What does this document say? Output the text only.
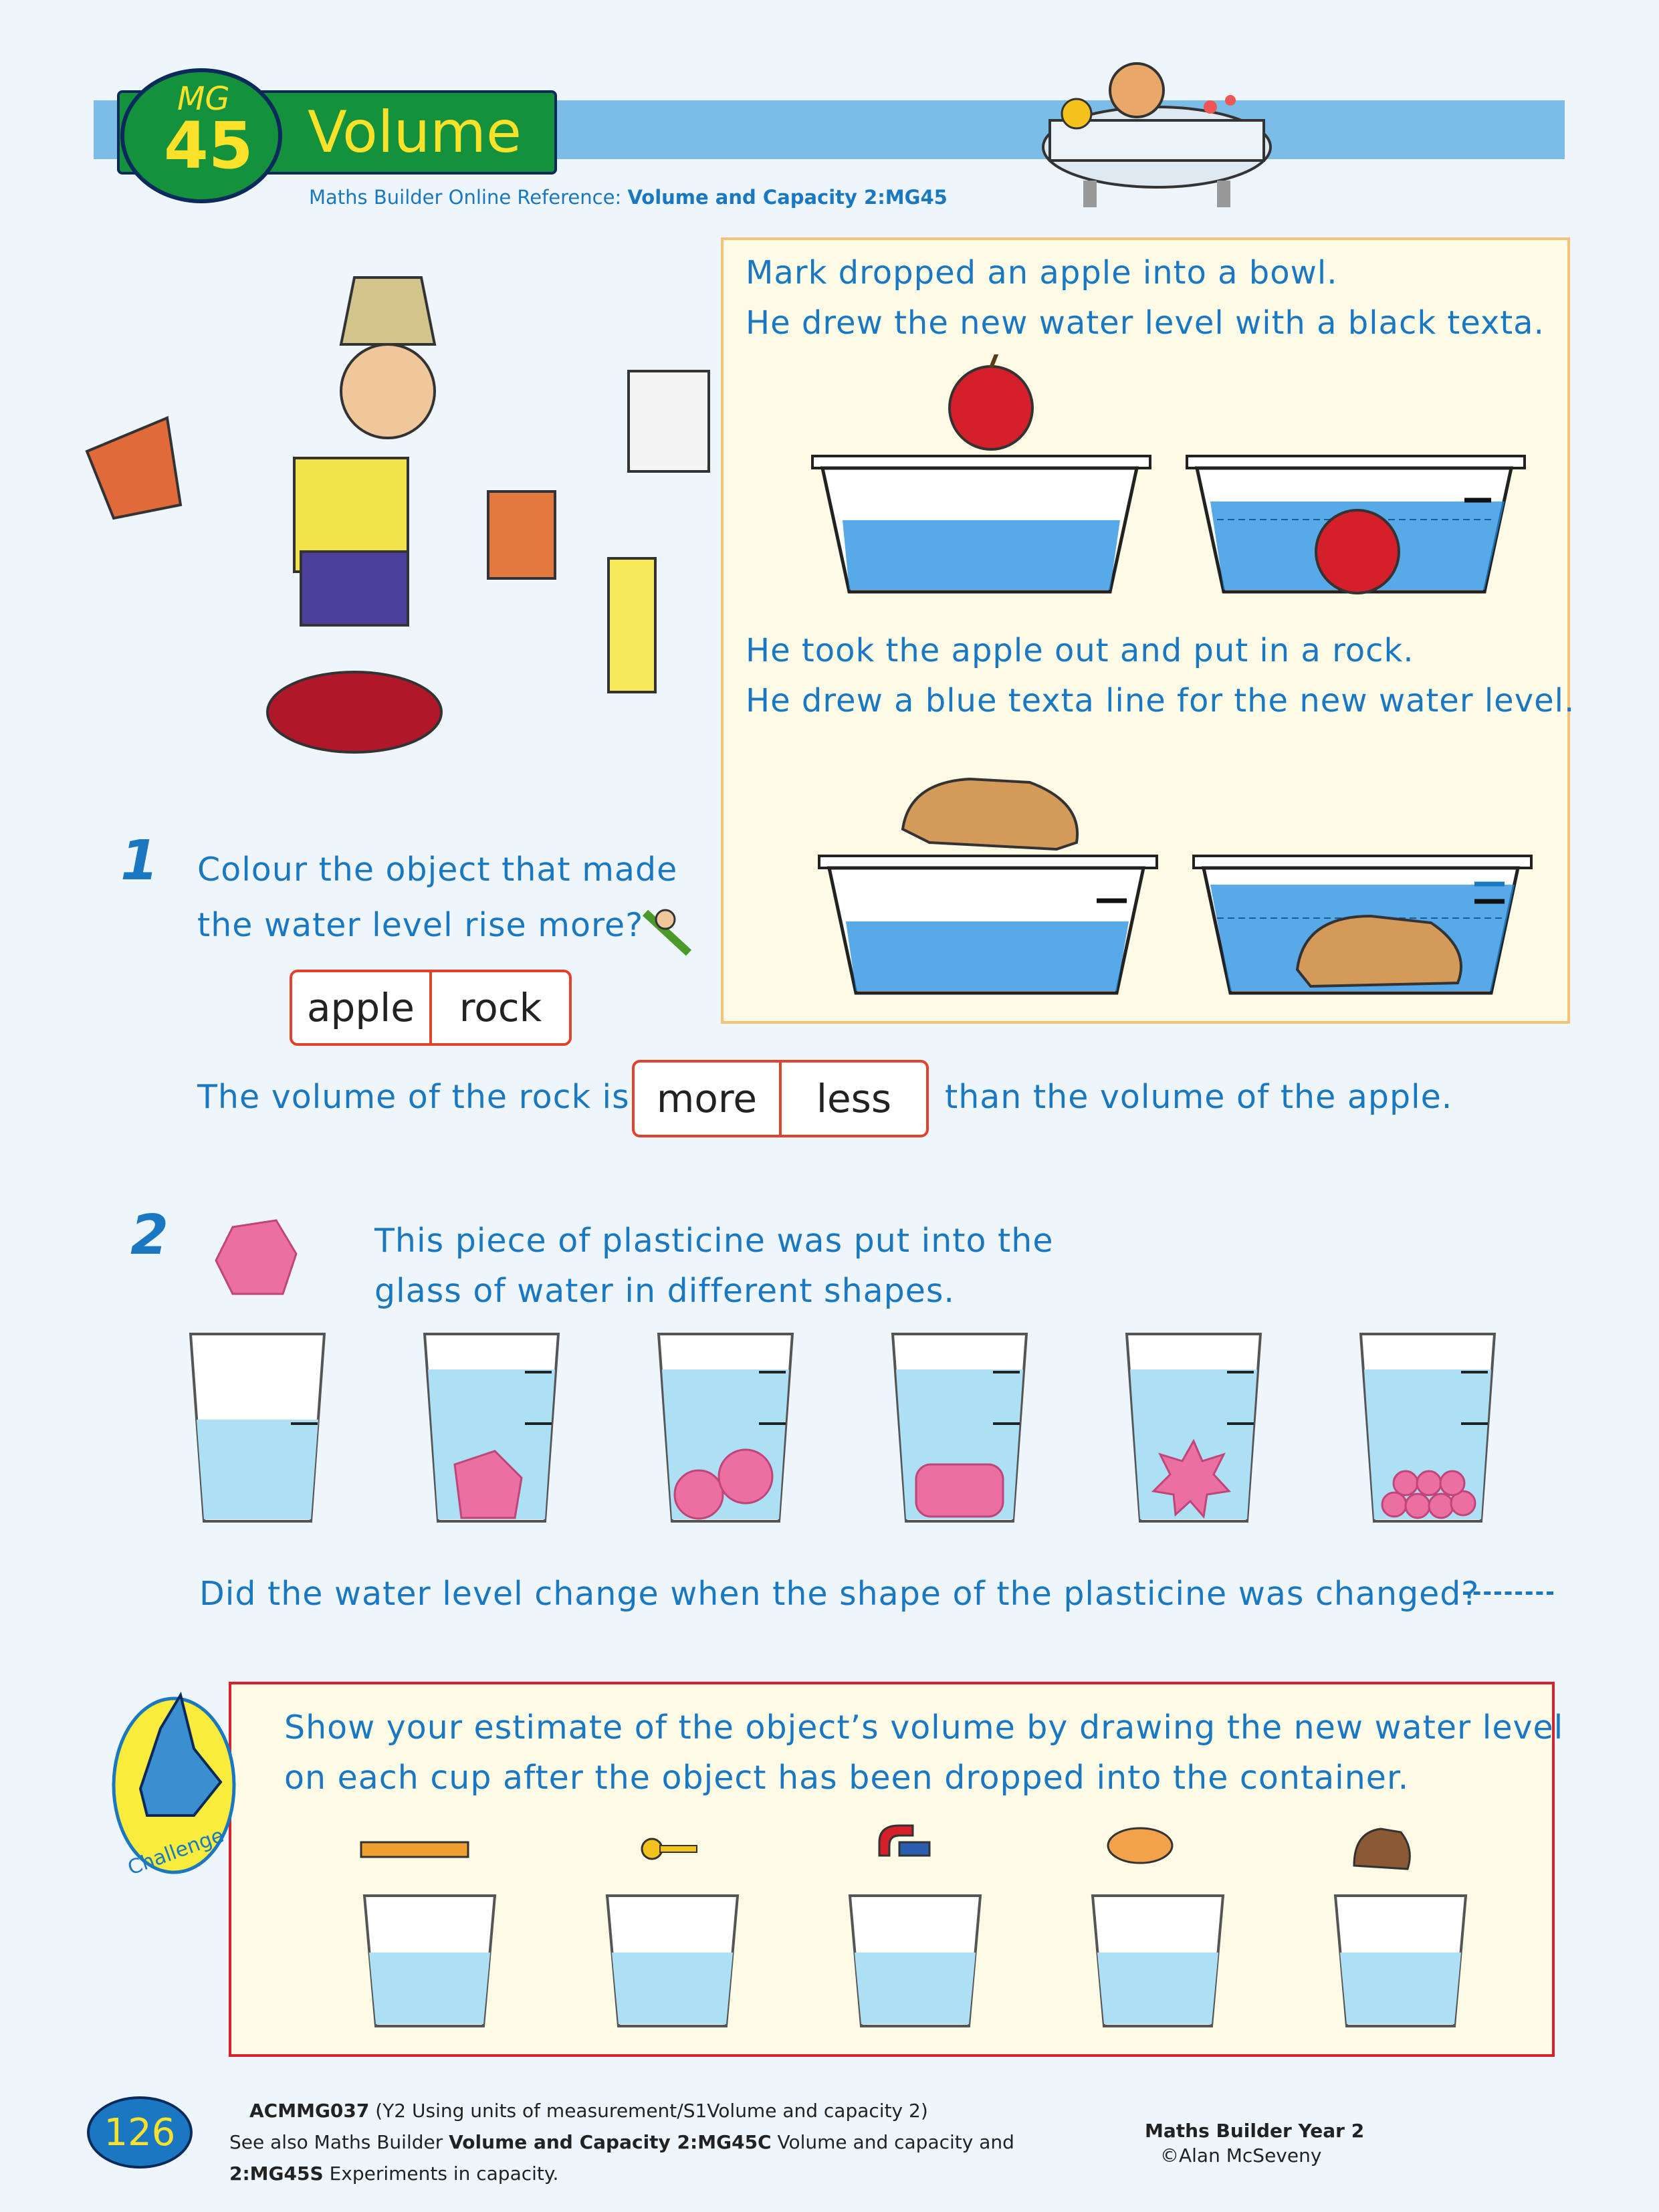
MG
45 Volume
Maths Builder Online Reference: Volume and Capacity 2:MG45
Mark dropped an apple into a bowl.
He drew the new water level with a black texta.
He took the apple out and put in a rock.
He drew a blue texta line for the new water level.
1 Colour the object that made
the water level rise more?
apple	rock
The volume of the rock is more	less	than the volume of the apple.
2	This piece of plasticine was put into the
glass of water in different shapes.
Did the water level change when the shape of the plasticine was changed?
Challenge
Show your estimate of the object’s volume by drawing the new water level
on each cup after the object has been dropped into the container.
126	ACMMG037 (Y2 Using units of measurement/S1Volume and capacity 2)
See also Maths Builder Volume and Capacity 2:MG45C Volume and capacity and
2:MG45S Experiments in capacity.
Maths Builder Year 2
©Alan McSeveny
